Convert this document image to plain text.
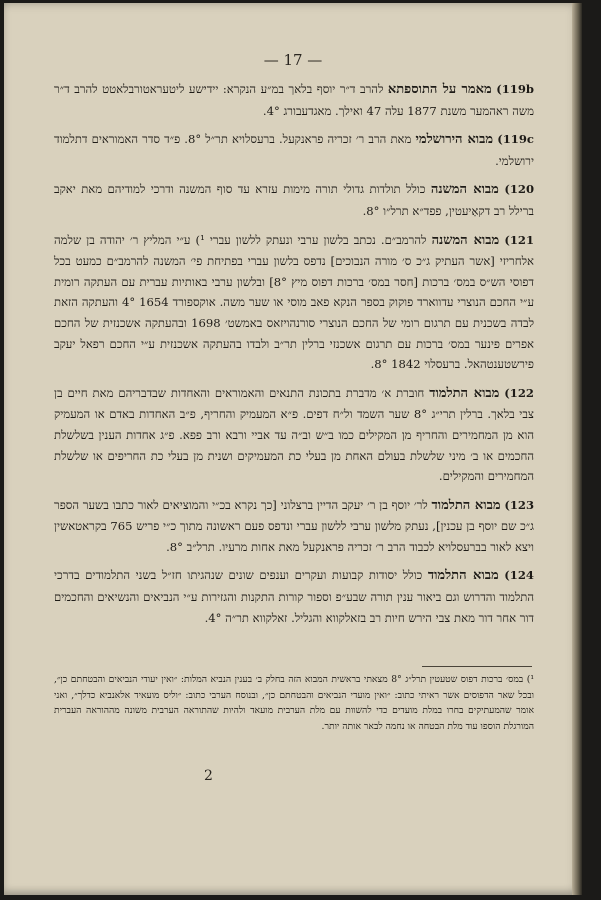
— 17 —

119b) מאמר על התוספתא להרב ד״ר יוסף בלאך במ״ע הנקרא: יידישע ליטעראטורבלאטט להרב ד״ר משה ראהמער משנת 1877 עלה 47 ואילך. מאגדעבורג 4°.

119c) מבוא הירושלמי מאת הרב ר׳ זכריה פראנקעל. ברעסלויא תר״ל 8°. פ״ד סדר האמוראים דתלמוד ירושלמי.

120) מבוא המשנה כולל תולדות גדולי תורה מימות עזרא עד סוף המשנה ודרכי למודיהם מאת יאקב ברילל רב דקאַיעטין, פפד״א תרל״ו 8°.

121) מבוא המשנה להרמב״ם. נכתב בלשון ערבי ונעתק ללשון עברי ¹) ע״י המליץ ר׳ יהודה בן שלמה אלחריזי [אשר העתיק ג״כ ס׳ מורה הנבוכים] נדפס בלשון עברי בפתיחת פי׳ המשנה להרמב״ם כמעט בכל דפוסי הש״ס במס׳ ברכות [חסר במס׳ ברכות דפוס מיץ 8°] ובלשון ערבי באותיות עברית עם העתקה רומית ע״י החכם הנוצרי עדווארד פוקוק בספר הנקא פאב מוסי או שער משה. אוקספורד 1654 4° והעתקה הזאת לבדה בשכנית עם תרגום רומי של החכם הנוצרי סורנהויזאס באמשט׳ 1698 ובהעתקה אשכנזית של החכם אפרים פינער במס׳ ברכות עם תרגום אשכנזי ברלין תר״ב ולבדו בהעתקה אשכנזית ע״י החכם רפאל יעקב פירשטענטהאל. ברעסלוי 1842 8°.

122) מבוא התלמוד חוברת א׳ מדברת בתכונת התנאים והאמוראים והאחדות שבדבריהם מאת חיים בן צבי בלאך. ברלין תרי״ג 8° שער השמד ול״ח דפים. פ״א המעמיק והחריף, פ״ב האחדות באדם או המעמיק הוא מן המחמירים והחריף מן המקילים כמו ב״ש וב״ה עד אביי ורבא ורב פפא. פ״ג אחדות הענין בשלשלת החכמים או ב׳ מיני שלשלת בעולם האחת מן בעלי כת המעמיקים ושנית מן בעלי כת החריפים או שלשלת המחמירים והמקילים.

123) מבוא התלמוד לר׳ יוסף בן ר׳ יעקב הדיין ברצלוני [כך נקרא בכ״י והמוציאים לאור כתבו בשער הספר ג״כ שם יוסף בן עכנין], נעתק מלשון ערבי ללשון עברי ונדפס פעם ראשונה מתוך כ״י פריש 765 בקראטאשין ויצא לאור בברעסלויא לכבוד הרב ר׳ זכריה פראנקעל מאת אחות מרעיו. תרל״ב 8°.

124) מבוא התלמוד כולל יסודות קבועות ועקרים וענפים שונים שנהגיתו חז״ל בשני התלמודים בדרכי התלמוד והדרוש וגם ביאור ענין תורה שבע״פ וספור קורות התקנות והגזירות ע״י הנביאים והנשיאים והחכמים דור אחר דור מאת צבי הירש חיות רב בזאלקווא והגליל. זאלקווא תר״ה 4°.

¹) במס׳ ברכות דפוס שטעטין תרל״ג 8° מצאתי בראשית המבוא הזה בחלק ב׳ בענין הנביא המלות: ״ואין יעודי הנביאים והבטחתם כן״, ובכל שאר הדפוסים אשר ראיתי כתוב: ״ואין מועדי הנביאים והבטחתם כן״, ובנוסח הערבי כתוב: ״וליס מועאיד אלאנביא כדלך״, ואני אומר שהמעתיקים בחרו במלת מועדים כדי להשוות עם מלת הערבית מועאד ולהיות שהתוראה הערבית משונה מההוראה העברית המורגלת הוספו עוד מלת הבטחה או נחמה לבאר אותה יותר.
2
